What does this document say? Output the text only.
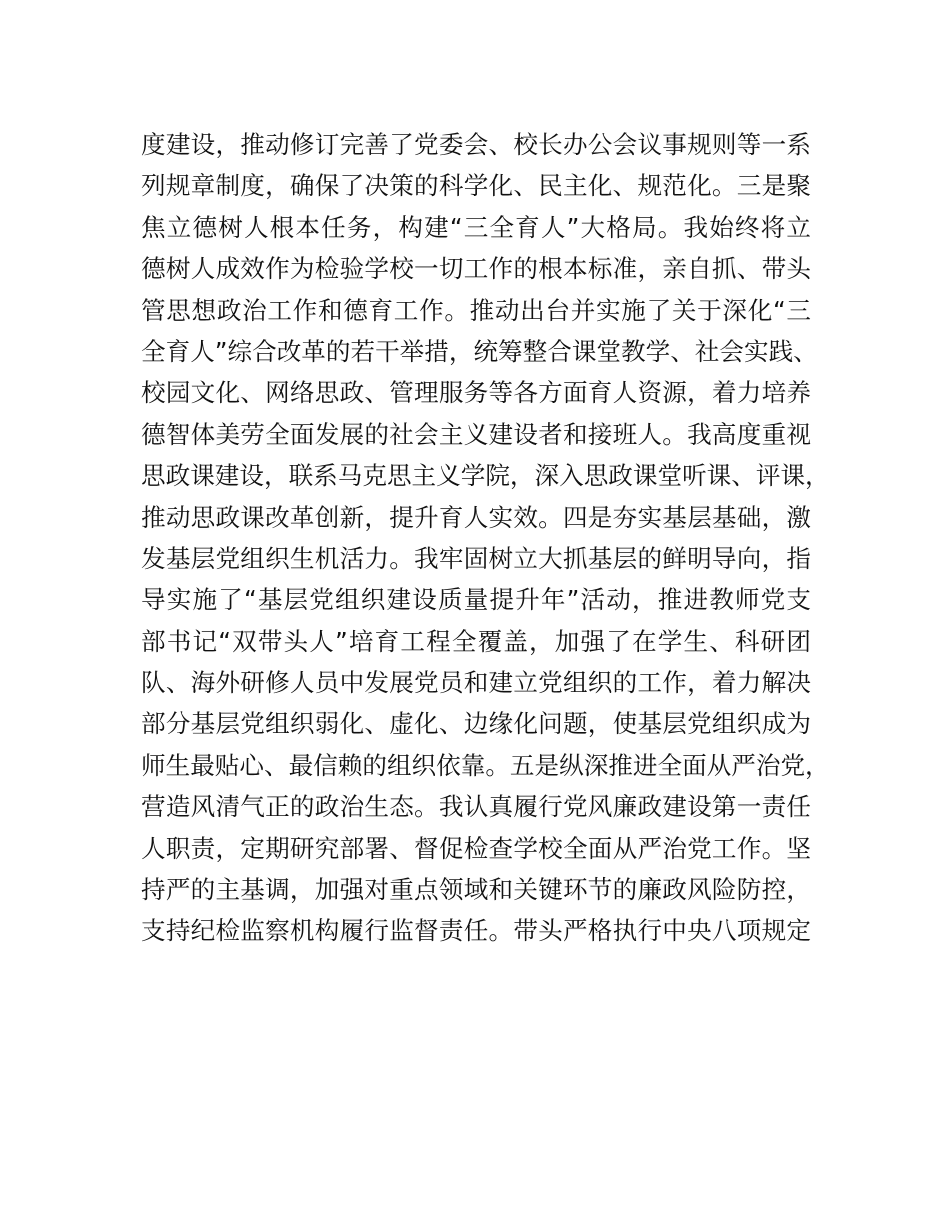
度建设，推动修订完善了党委会、校长办公会议事规则等一系
列规章制度，确保了决策的科学化、民主化、规范化。三是聚
焦立德树人根本任务，构建“三全育人”大格局。我始终将立
德树人成效作为检验学校一切工作的根本标准，亲自抓、带头
管思想政治工作和德育工作。推动出台并实施了关于深化“三
全育人”综合改革的若干举措，统筹整合课堂教学、社会实践、
校园文化、网络思政、管理服务等各方面育人资源，着力培养
德智体美劳全面发展的社会主义建设者和接班人。我高度重视
思政课建设，联系马克思主义学院，深入思政课堂听课、评课，
推动思政课改革创新，提升育人实效。四是夯实基层基础，激
发基层党组织生机活力。我牢固树立大抓基层的鲜明导向，指
导实施了“基层党组织建设质量提升年”活动，推进教师党支
部书记“双带头人”培育工程全覆盖，加强了在学生、科研团
队、海外研修人员中发展党员和建立党组织的工作，着力解决
部分基层党组织弱化、虚化、边缘化问题，使基层党组织成为
师生最贴心、最信赖的组织依靠。五是纵深推进全面从严治党，
营造风清气正的政治生态。我认真履行党风廉政建设第一责任
人职责，定期研究部署、督促检查学校全面从严治党工作。坚
持严的主基调，加强对重点领域和关键环节的廉政风险防控，
支持纪检监察机构履行监督责任。带头严格执行中央八项规定
